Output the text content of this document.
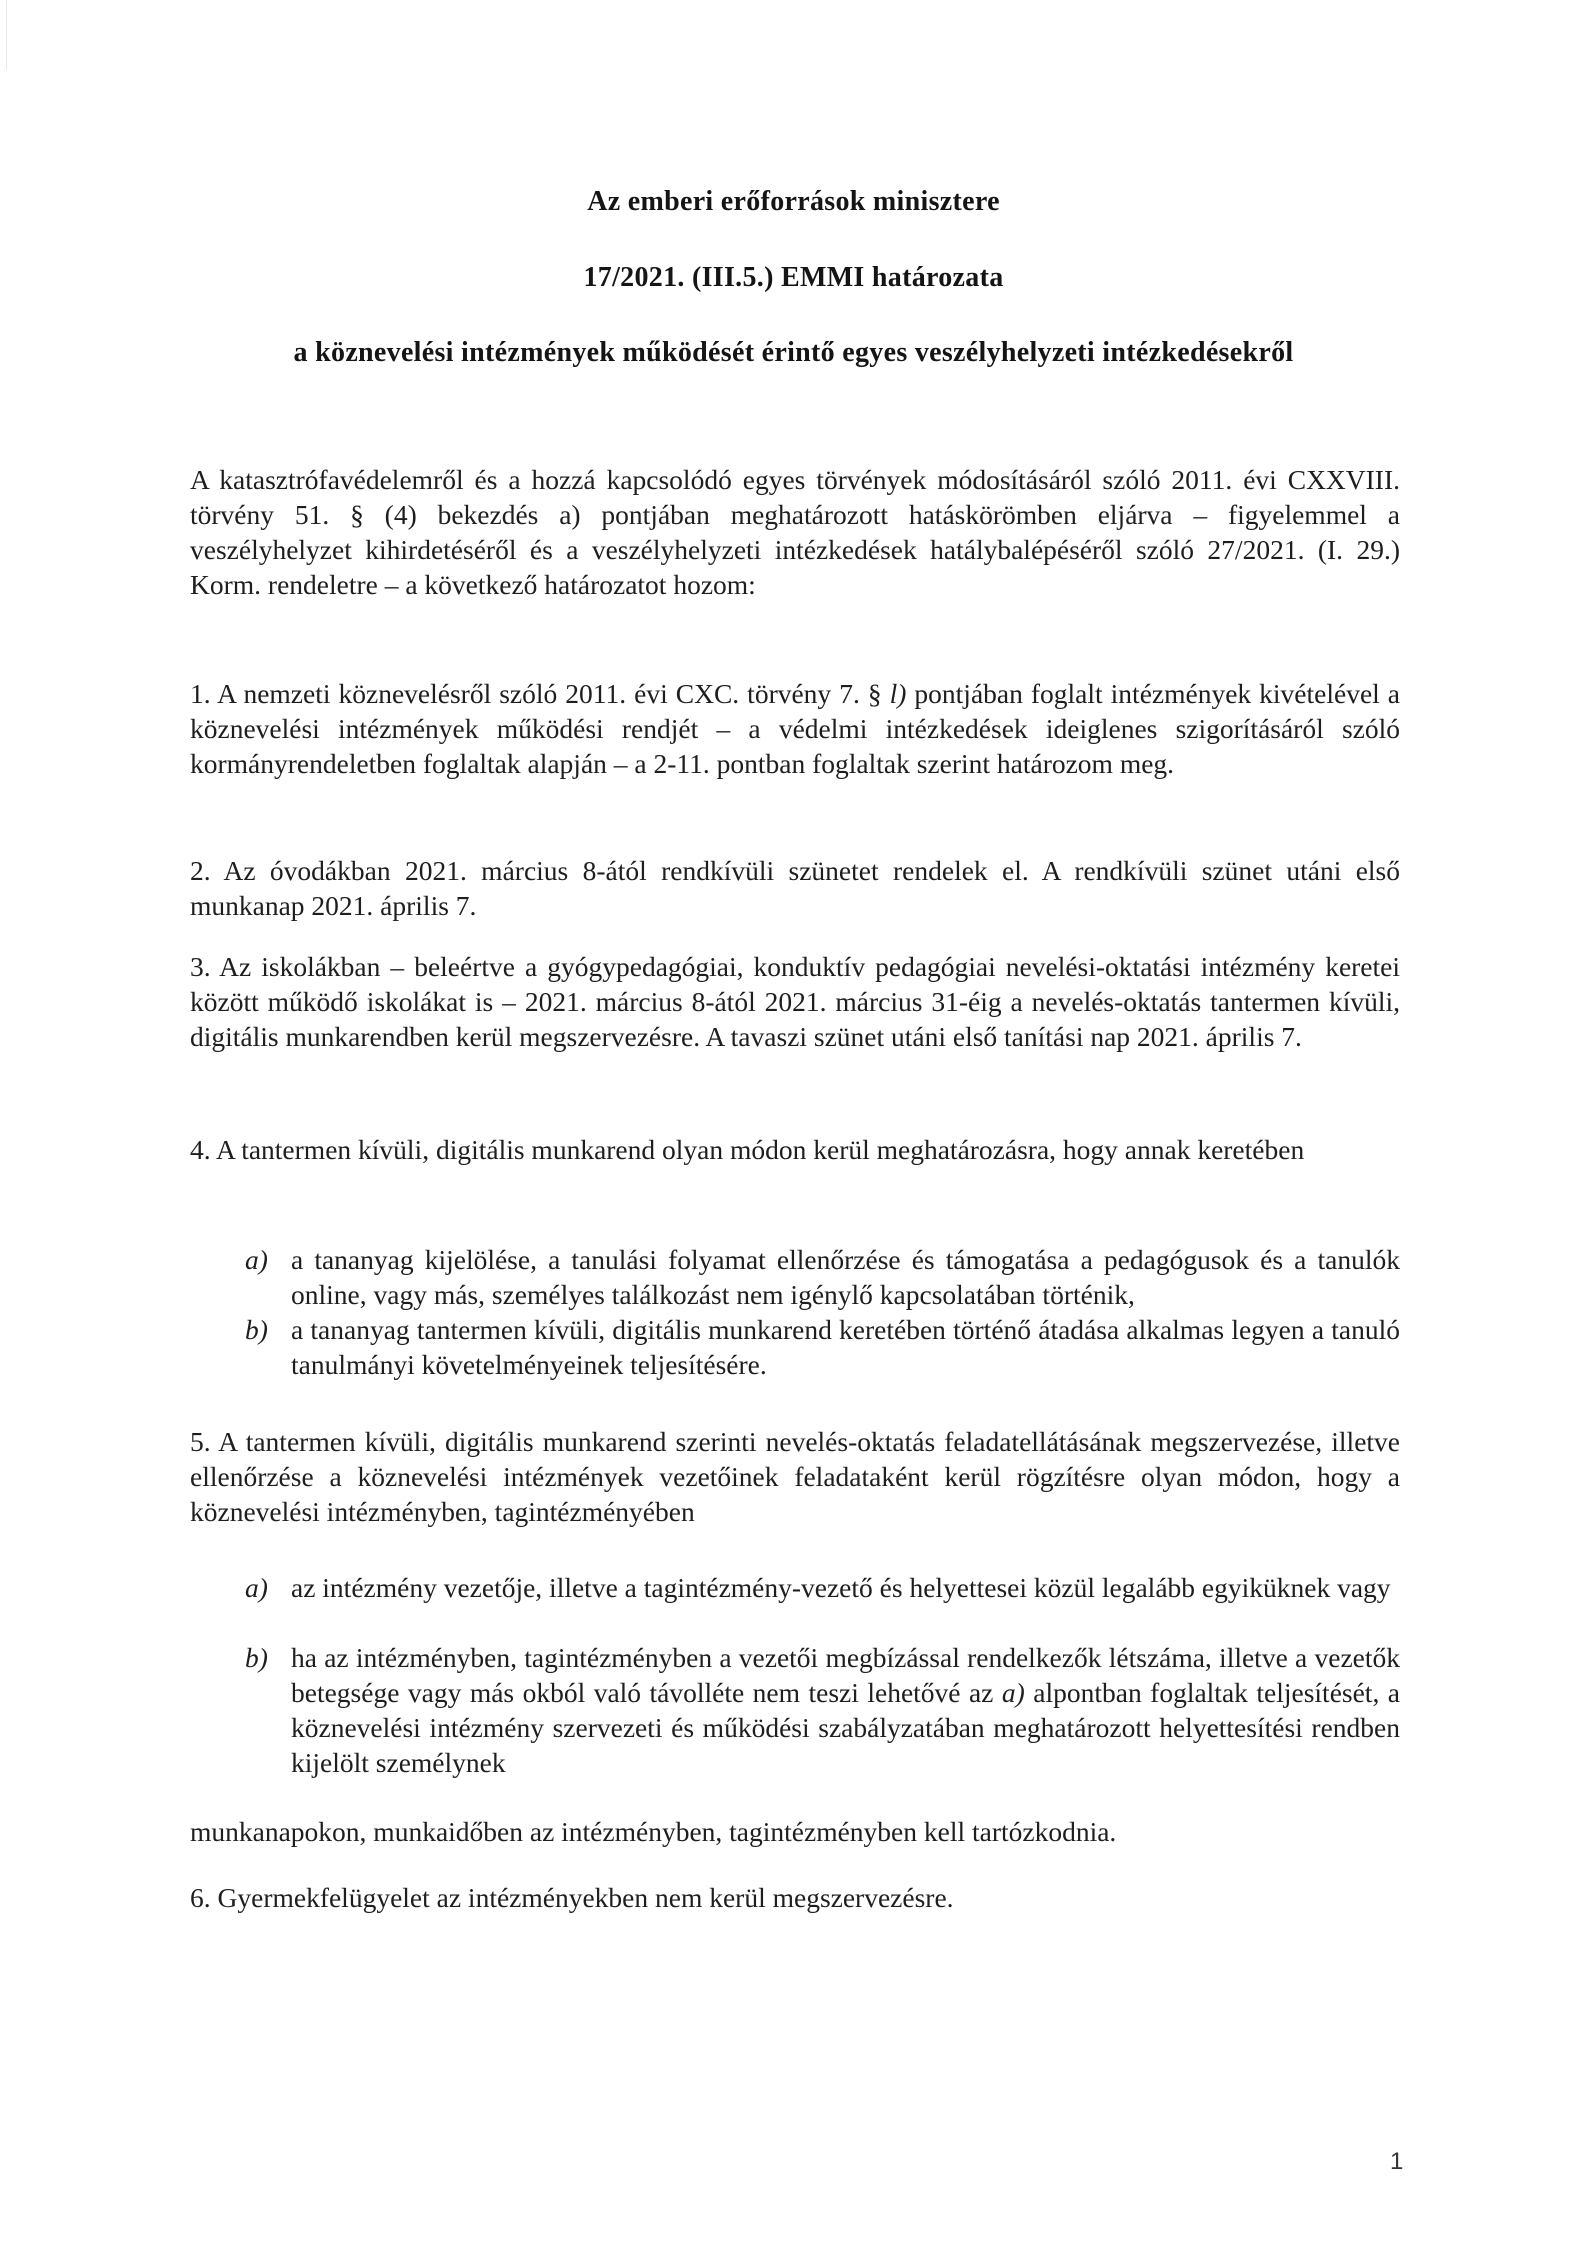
Az emberi erőforrások minisztere
17/2021. (III.5.) EMMI határozata
a köznevelési intézmények működését érintő egyes veszélyhelyzeti intézkedésekről
A katasztrófavédelemről és a hozzá kapcsolódó egyes törvények módosításáról szóló 2011. évi CXXVIII. törvény 51. § (4) bekezdés a) pontjában meghatározott hatáskörömben eljárva – figyelemmel a veszélyhelyzet kihirdetéséről és a veszélyhelyzeti intézkedések hatálybalépéséről szóló 27/2021. (I. 29.) Korm. rendeletre – a következő határozatot hozom:
1. A nemzeti köznevelésről szóló 2011. évi CXC. törvény 7. § l) pontjában foglalt intézmények kivételével a köznevelési intézmények működési rendjét – a védelmi intézkedések ideiglenes szigorításáról szóló kormányrendeletben foglaltak alapján – a 2-11. pontban foglaltak szerint határozom meg.
2. Az óvodákban 2021. március 8-ától rendkívüli szünetet rendelek el. A rendkívüli szünet utáni első munkanap 2021. április 7.
3. Az iskolákban – beleértve a gyógypedagógiai, konduktív pedagógiai nevelési-oktatási intézmény keretei között működő iskolákat is – 2021. március 8-ától 2021. március 31-éig a nevelés-oktatás tantermen kívüli, digitális munkarendben kerül megszervezésre. A tavaszi szünet utáni első tanítási nap 2021. április 7.
4. A tantermen kívüli, digitális munkarend olyan módon kerül meghatározásra, hogy annak keretében
a) a tananyag kijelölése, a tanulási folyamat ellenőrzése és támogatása a pedagógusok és a tanulók online, vagy más, személyes találkozást nem igénylő kapcsolatában történik,
b) a tananyag tantermen kívüli, digitális munkarend keretében történő átadása alkalmas legyen a tanuló tanulmányi követelményeinek teljesítésére.
5. A tantermen kívüli, digitális munkarend szerinti nevelés-oktatás feladatellátásának megszervezése, illetve ellenőrzése a köznevelési intézmények vezetőinek feladataként kerül rögzítésre olyan módon, hogy a köznevelési intézményben, tagintézményében
a) az intézmény vezetője, illetve a tagintézmény-vezető és helyettesei közül legalább egyiküknek vagy
b) ha az intézményben, tagintézményben a vezetői megbízással rendelkezők létszáma, illetve a vezetők betegsége vagy más okból való távolléte nem teszi lehetővé az a) alpontban foglaltak teljesítését, a köznevelési intézmény szervezeti és működési szabályzatában meghatározott helyettesítési rendben kijelölt személynek
munkanapokon, munkaidőben az intézményben, tagintézményben kell tartózkodnia.
6. Gyermekfelügyelet az intézményekben nem kerül megszervezésre.
1
